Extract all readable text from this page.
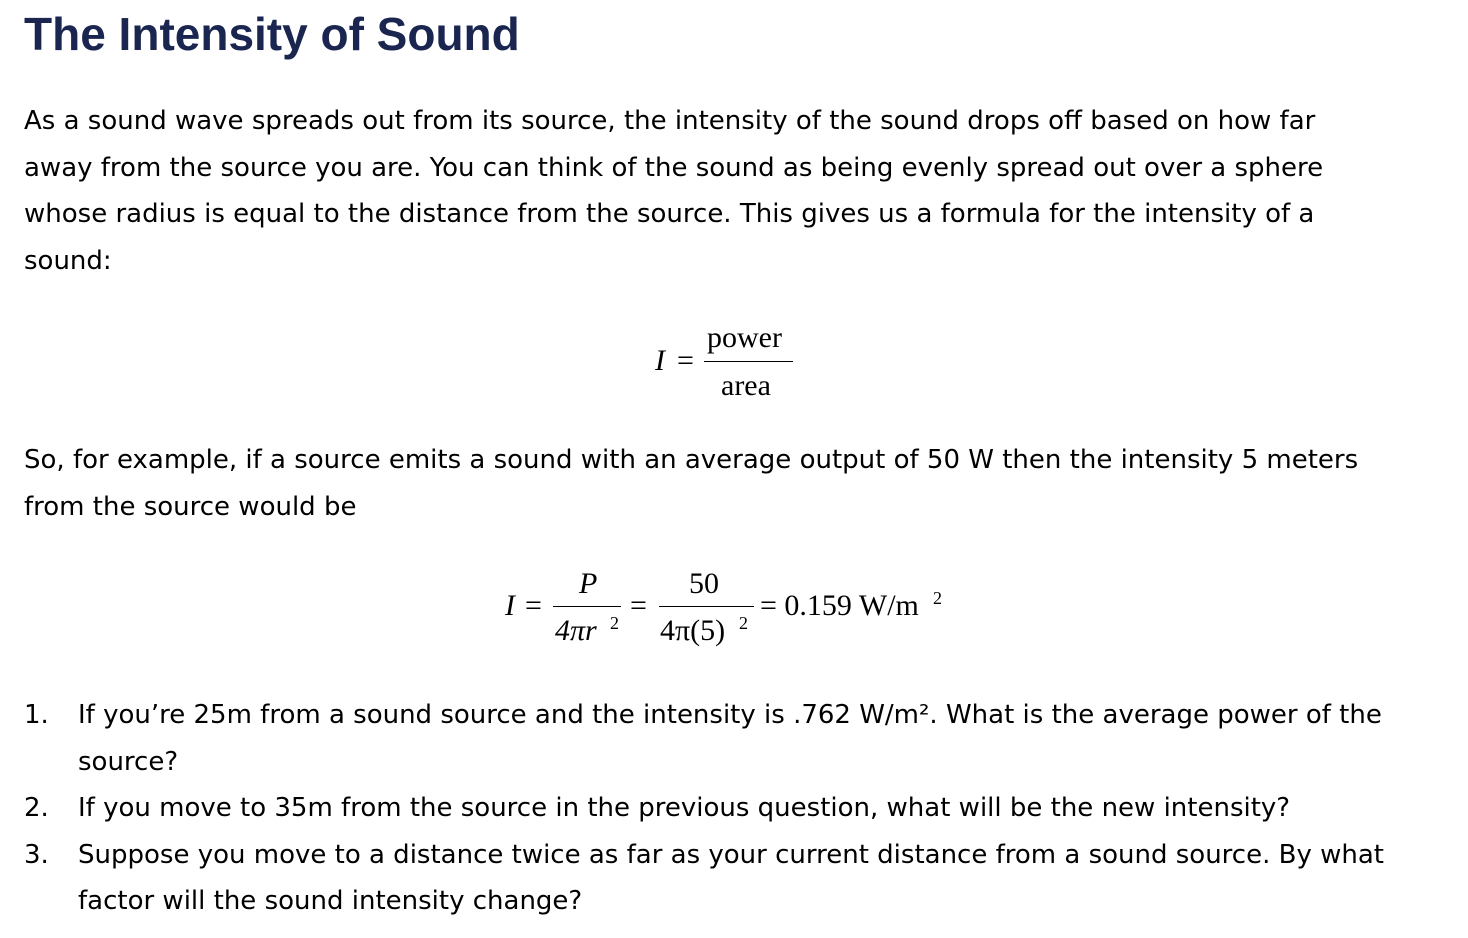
The Intensity of Sound
As a sound wave spreads out from its source, the intensity of the sound drops off based on how far
away from the source you are. You can think of the sound as being evenly spread out over a sphere
whose radius is equal to the distance from the source. This gives us a formula for the intensity of a
sound:
I =
power
area
So, for example, if a source emits a sound with an average output of 50 W then the intensity 5 meters
from the source would be
I =
P
4πr 2
=
50
4π(5) 2
= 0.159 W/m 2
1. If you’re 25m from a sound source and the intensity is .762 W/m². What is the average power of the
source?
2. If you move to 35m from the source in the previous question, what will be the new intensity?
3. Suppose you move to a distance twice as far as your current distance from a sound source. By what
factor will the sound intensity change?
